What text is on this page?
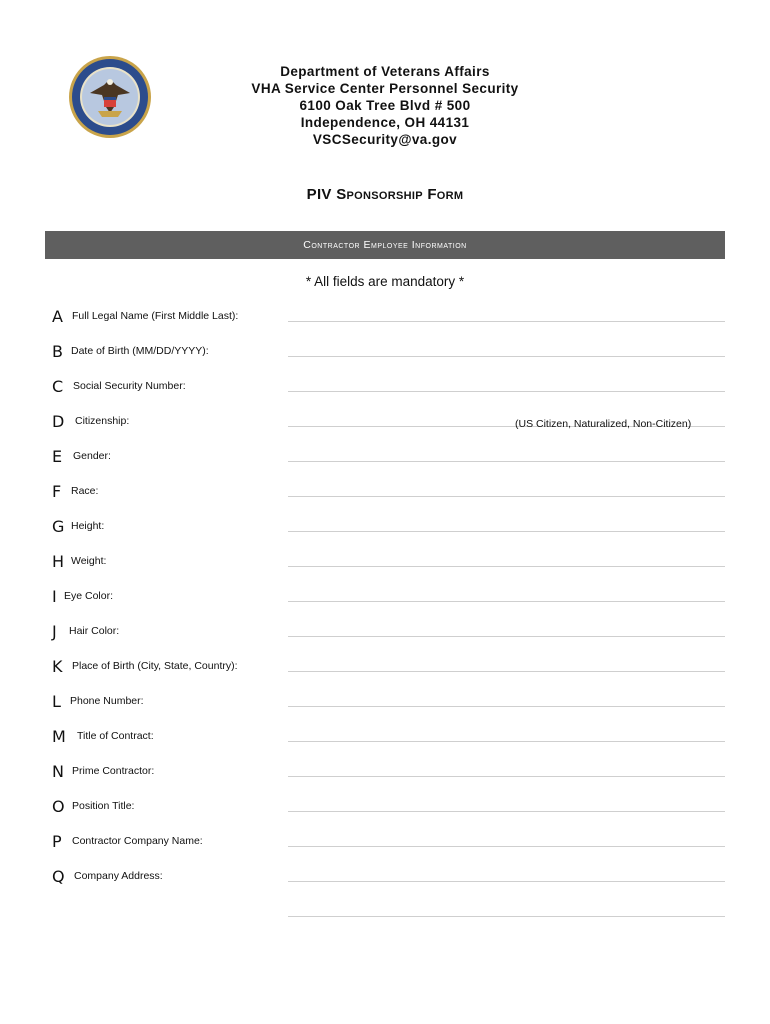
Department of Veterans Affairs
VHA Service Center Personnel Security
6100 Oak Tree Blvd # 500
Independence, OH 44131
VSCSecurity@va.gov
PIV Sponsorship Form
Contractor Employee Information
* All fields are mandatory *
A Full Legal Name (First Middle Last):
B Date of Birth (MM/DD/YYYY):
C Social Security Number:
D Citizenship:	(US Citizen, Naturalized, Non-Citizen)
E Gender:
F Race:
G Height:
H Weight:
I Eye Color:
J Hair Color:
K Place of Birth (City, State, Country):
L Phone Number:
M Title of Contract:
N Prime Contractor:
O Position Title:
P Contractor Company Name:
Q Company Address:
